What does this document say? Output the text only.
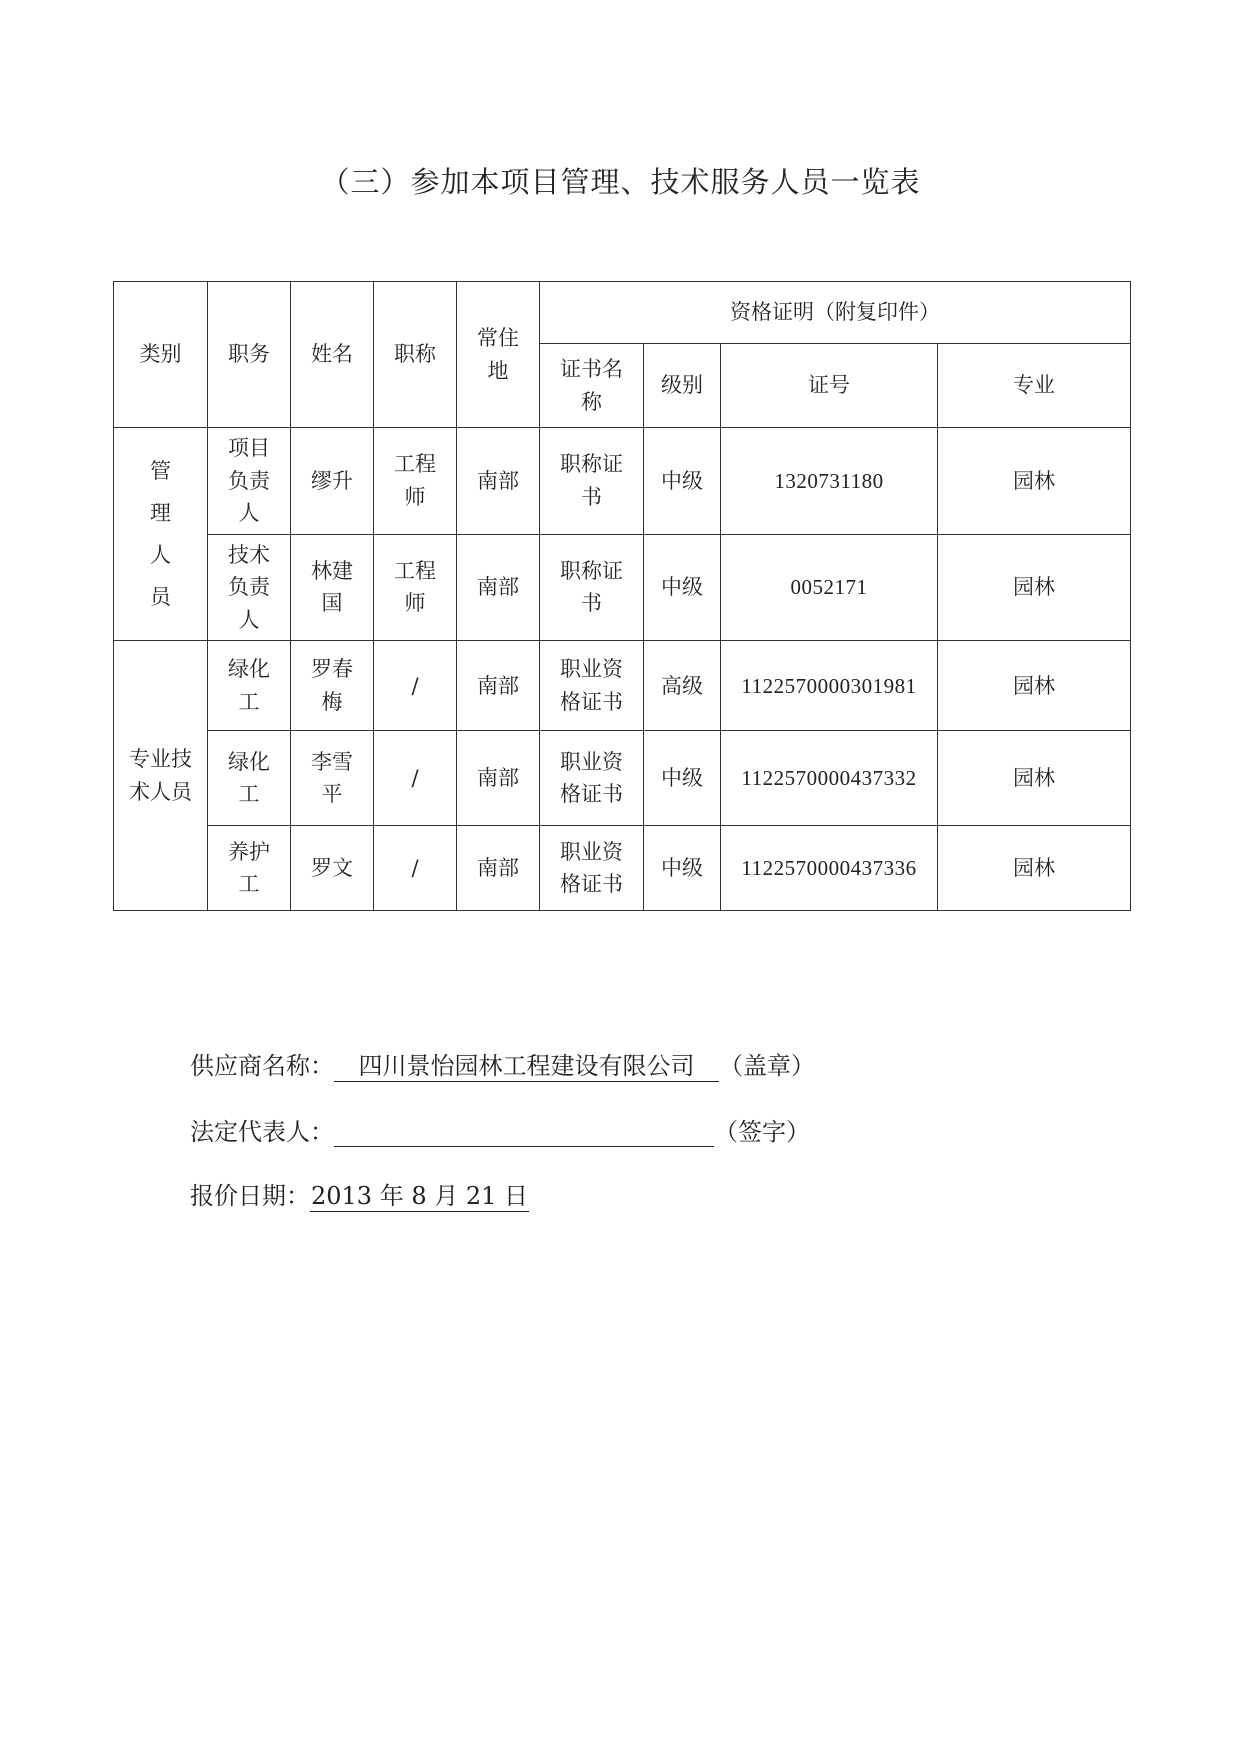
（三）参加本项目管理、技术服务人员一览表
类别	职务	姓名	职称	常住地	资格证明（附复印件）			

					证书名称	级别	证号	专业

管理人员	项目负责人	缪升	工程师	南部	职称证书	中级	1320731180	园林

	技术负责人	林建国	工程师	南部	职称证书	中级	0052171	园林

专业技术人员	绿化工	罗春梅	/	南部	职业资格证书	高级	1122570000301981	园林

	绿化工	李雪平	/	南部	职业资格证书	中级	1122570000437332	园林

	养护工	罗文	/	南部	职业资格证书	中级	1122570000437336	园林
供应商名称： 四川景怡园林工程建设有限公司 （盖章）
法定代表人：	（签字）
报价日期：2013 年 8 月 21 日
